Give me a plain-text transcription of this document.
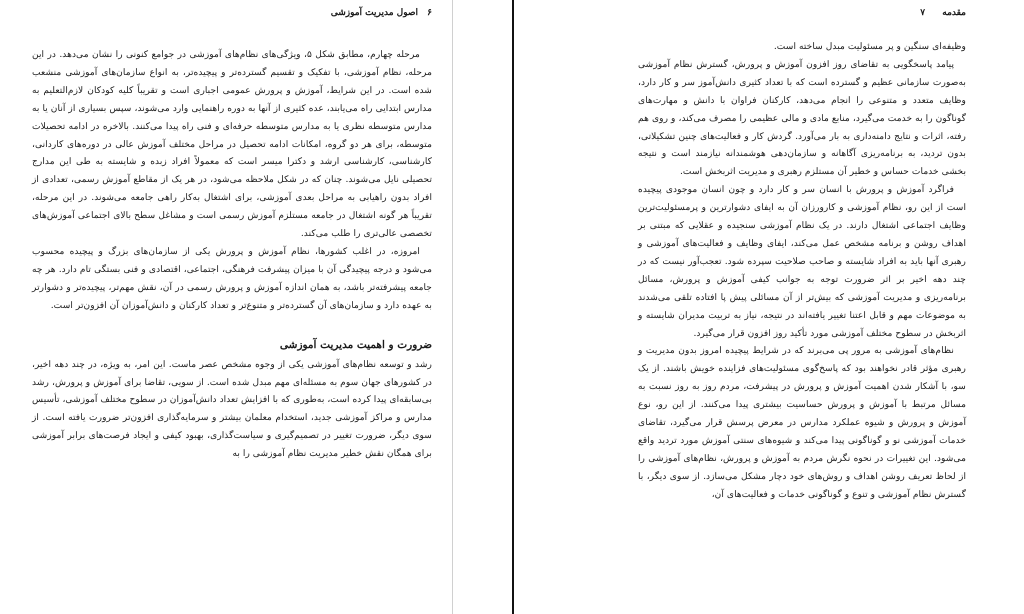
۶ اصول مدیریت آموزشی

مرحله چهارم، مطابق شکل ۵، ویژگی‌های نظام‌های آموزشی در جوامع کنونی را نشان می‌دهد. در این مرحله، نظام آموزشی، با تفکیک و تقسیم گسترده‌تر و پیچیده‌تر، به انواع سازمان‌های آموزشی منشعب شده است. در این شرایط، آموزش و پرورش عمومی اجباری است و تقریباً کلیه کودکان لازم‌التعلیم به مدارس ابتدایی راه می‌یابند، عده کثیری از آنها به دوره راهنمایی وارد می‌شوند، سپس بسیاری از آنان یا به مدارس متوسطه نظری یا به مدارس متوسطه حرفه‌ای و فنی راه پیدا می‌کنند. بالاخره در ادامه تحصیلات متوسطه، برای هر دو گروه، امکانات ادامه تحصیل در مراحل مختلف آموزش عالی در دوره‌های کاردانی، کارشناسی، کارشناسی ارشد و دکترا میسر است که معمولاً افراد زبده و شایسته به طی این مدارج تحصیلی نایل می‌شوند. چنان که در شکل ملاحظه می‌شود، در هر یک از مقاطع آموزش رسمی، تعدادی از افراد بدون راهیابی به مراحل بعدی آموزشی، برای اشتغال به‌کار راهی جامعه می‌شوند. در این مرحله، تقریباً هر گونه اشتغال در جامعه مستلزم آموزش رسمی است و مشاغل سطح بالای اجتماعی آموزش‌های تخصصی عالی‌تری را طلب می‌کند.

امروزه، در اغلب کشورها، نظام آموزش و پرورش یکی از سازمان‌های بزرگ و پیچیده محسوب می‌شود و درجه پیچیدگی آن با میزان پیشرفت فرهنگی، اجتماعی، اقتصادی و فنی بستگی تام دارد. هر چه جامعه پیشرفته‌تر باشد، به همان اندازه آموزش و پرورش رسمی در آن، نقش مهم‌تر، پیچیده‌تر و دشوارتر به عهده دارد و سازمان‌های آن گسترده‌تر و متنوع‌تر و تعداد کارکنان و دانش‌آموزان آن افزون‌تر است.

ضرورت و اهمیت مدیریت آموزشی

رشد و توسعه نظام‌های آموزشی یکی از وجوه مشخص عصر ماست. این امر، به ویژه، در چند دهه اخیر، در کشورهای جهان سوم به مسئله‌ای مهم مبدل شده است. از سویی، تقاضا برای آموزش و پرورش، رشد بی‌سابقه‌ای پیدا کرده است، به‌طوری که با افزایش تعداد دانش‌آموزان در سطوح مختلف آموزشی، تأسیس مدارس و مراکز آموزشی جدید، استخدام معلمان بیشتر و سرمایه‌گذاری افزون‌تر ضرورت یافته است. از سوی دیگر، ضرورت تغییر در تصمیم‌گیری و سیاست‌گذاری، بهبود کیفی و ایجاد فرصت‌های برابر آموزشی برای همگان نقش خطیر مدیریت نظام آموزشی را به

مقدمه ۷

وظیفه‌ای سنگین و پر مسئولیت مبدل ساخته است.

پیامد پاسخگویی به تقاضای روز افزون آموزش و پرورش، گسترش نظام آموزشی به‌صورت سازمانی عظیم و گسترده است که با تعداد کثیری دانش‌آموز سر و کار دارد، وظایف متعدد و متنوعی را انجام می‌دهد، کارکنان فراوان با دانش و مهارت‌های گوناگون را به خدمت می‌گیرد، منابع مادی و مالی عظیمی را مصرف می‌کند، و روی هم رفته، اثرات و نتایج دامنه‌داری به بار می‌آورد. گردش کار و فعالیت‌های چنین تشکیلاتی، بدون تردید، به برنامه‌ریزی آگاهانه و سازمان‌دهی هوشمندانه نیازمند است و نتیجه بخشی خدمات حساس و خطیر آن مستلزم رهبری و مدیریت اثربخش است.

فراگرد آموزش و پرورش با انسان سر و کار دارد و چون انسان موجودی پیچیده است از این رو، نظام آموزشی و کارورزان آن به ایفای دشوارترین و پرمسئولیت‌ترین وظایف اجتماعی اشتغال دارند. در یک نظام آموزشی سنجیده و عقلایی که مبتنی بر اهداف روشن و برنامه مشخص عمل می‌کند، ایفای وظایف و فعالیت‌های آموزشی و رهبری آنها باید به افراد شایسته و صاحب صلاحیت سپرده شود. تعجب‌آور نیست که در چند دهه اخیر بر اثر ضرورت توجه به جوانب کیفی آموزش و پرورش، مسائل برنامه‌ریزی و مدیریت آموزشی که بیش‌تر از آن مسائلی پیش پا افتاده تلقی می‌شدند به موضوعات مهم و قابل اعتنا تغییر یافته‌اند در نتیجه، نیاز به تربیت مدیران شایسته و اثربخش در سطوح مختلف آموزشی مورد تأکید روز افزون قرار می‌گیرد.

نظام‌های آموزشی به مرور پی می‌برند که در شرایط پیچیده امروز بدون مدیریت و رهبری مؤثر قادر نخواهند بود که پاسخ‌گوی مسئولیت‌های فزاینده خویش باشند. از یک سو، با آشکار شدن اهمیت آموزش و پرورش در پیشرفت، مردم روز به روز نسبت به مسائل مرتبط با آموزش و پرورش حساسیت بیشتری پیدا می‌کنند. از این رو، نوع آموزش و پرورش و شیوه عملکرد مدارس در معرض پرسش قرار می‌گیرد، تقاضای خدمات آموزشی نو و گوناگونی پیدا می‌کند و شیوه‌های سنتی آموزش مورد تردید واقع می‌شود. این تغییرات در نحوه نگرش مردم به آموزش و پرورش، نظام‌های آموزشی را از لحاظ تعریف روشن اهداف و روش‌های خود دچار مشکل می‌سازد. از سوی دیگر، با گسترش نظام آموزشی و تنوع و گوناگونی خدمات و فعالیت‌های آن،
